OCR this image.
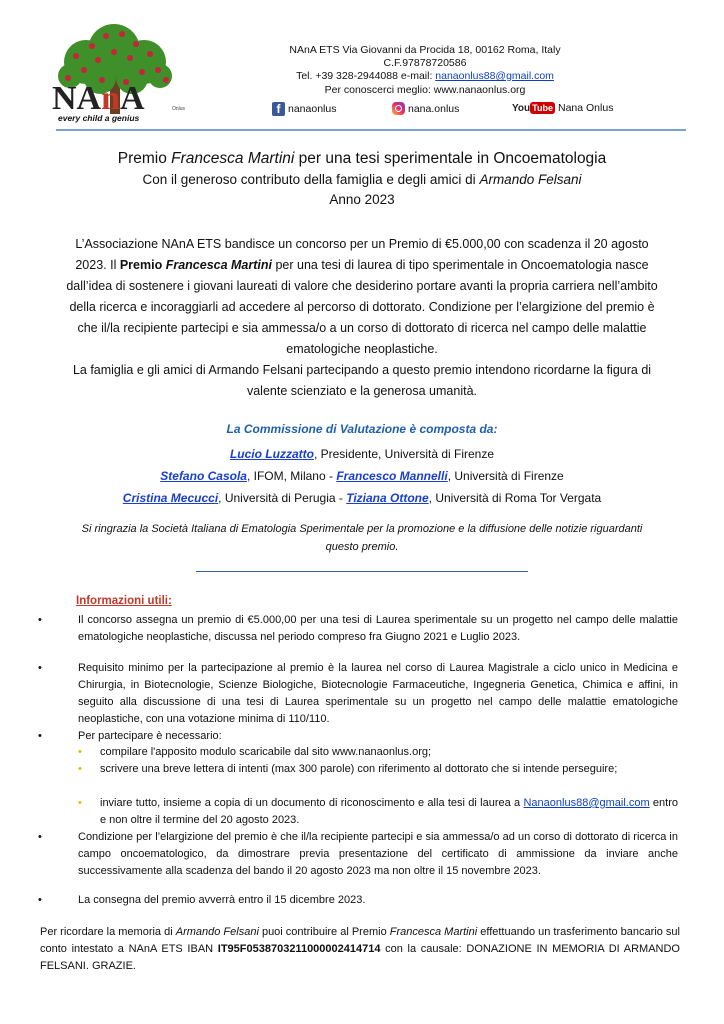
NAnA	Onlus
every child a genius
NAnA ETS Via Giovanni da Procida 18, 00162 Roma, Italy
C.F.97878720586
Tel. +39 328-2944088 e-mail: nanaonlus88@gmail.com
Per conoscerci meglio: www.nanaonlus.org
f nanaonlus	nana.onlus	You Tube Nana Onlus
Premio Francesca Martini per una tesi sperimentale in Oncoematologia
Con il generoso contributo della famiglia e degli amici di Armando Felsani
Anno 2023
L’Associazione NAnA ETS bandisce un concorso per un Premio di €5.000,00 con scadenza il 20 agosto 2023. Il Premio Francesca Martini per una tesi di laurea di tipo sperimentale in Oncoematologia nasce dall’idea di sostenere i giovani laureati di valore che desiderino portare avanti la propria carriera nell’ambito della ricerca e incoraggiarli ad accedere al percorso di dottorato. Condizione per l’elargizione del premio è che il/la recipiente partecipi e sia ammessa/o a un corso di dottorato di ricerca nel campo delle malattie ematologiche neoplastiche.
La famiglia e gli amici di Armando Felsani partecipando a questo premio intendono ricordarne la figura di valente scienziato e la generosa umanità.
La Commissione di Valutazione è composta da:
Lucio Luzzatto, Presidente, Università di Firenze
Stefano Casola, IFOM, Milano - Francesco Mannelli, Università di Firenze
Cristina Mecucci, Università di Perugia - Tiziana Ottone, Università di Roma Tor Vergata
Si ringrazia la Società Italiana di Ematologia Sperimentale per la promozione e la diffusione delle notizie riguardanti questo premio.
Informazioni utili:
•	Il concorso assegna un premio di €5.000,00 per una tesi di Laurea sperimentale su un progetto nel campo delle malattie ematologiche neoplastiche, discussa nel periodo compreso fra Giugno 2021 e Luglio 2023.
•	Requisito minimo per la partecipazione al premio è la laurea nel corso di Laurea Magistrale a ciclo unico in Medicina e Chirurgia, in Biotecnologie, Scienze Biologiche, Biotecnologie Farmaceutiche, Ingegneria Genetica, Chimica e affini, in seguito alla discussione di una tesi di Laurea sperimentale su un progetto nel campo delle malattie ematologiche neoplastiche, con una votazione minima di 110/110.
•	Per partecipare è necessario:
• compilare l'apposito modulo scaricabile dal sito www.nanaonlus.org;
• scrivere una breve lettera di intenti (max 300 parole) con riferimento al dottorato che si intende perseguire;
• inviare tutto, insieme a copia di un documento di riconoscimento e alla tesi di laurea a Nanaonlus88@gmail.com entro e non oltre il termine del 20 agosto 2023.
•	Condizione per l’elargizione del premio è che il/la recipiente partecipi e sia ammessa/o ad un corso di dottorato di ricerca in campo oncoematologico, da dimostrare previa presentazione del certificato di ammissione da inviare anche successivamente alla scadenza del bando il 20 agosto 2023 ma non oltre il 15 novembre 2023.
•	La consegna del premio avverrà entro il 15 dicembre 2023.
Per ricordare la memoria di Armando Felsani puoi contribuire al Premio Francesca Martini effettuando un trasferimento bancario sul conto intestato a NAnA ETS IBAN IT95F0538703211000002414714 con la causale: DONAZIONE IN MEMORIA DI ARMANDO FELSANI. GRAZIE.
